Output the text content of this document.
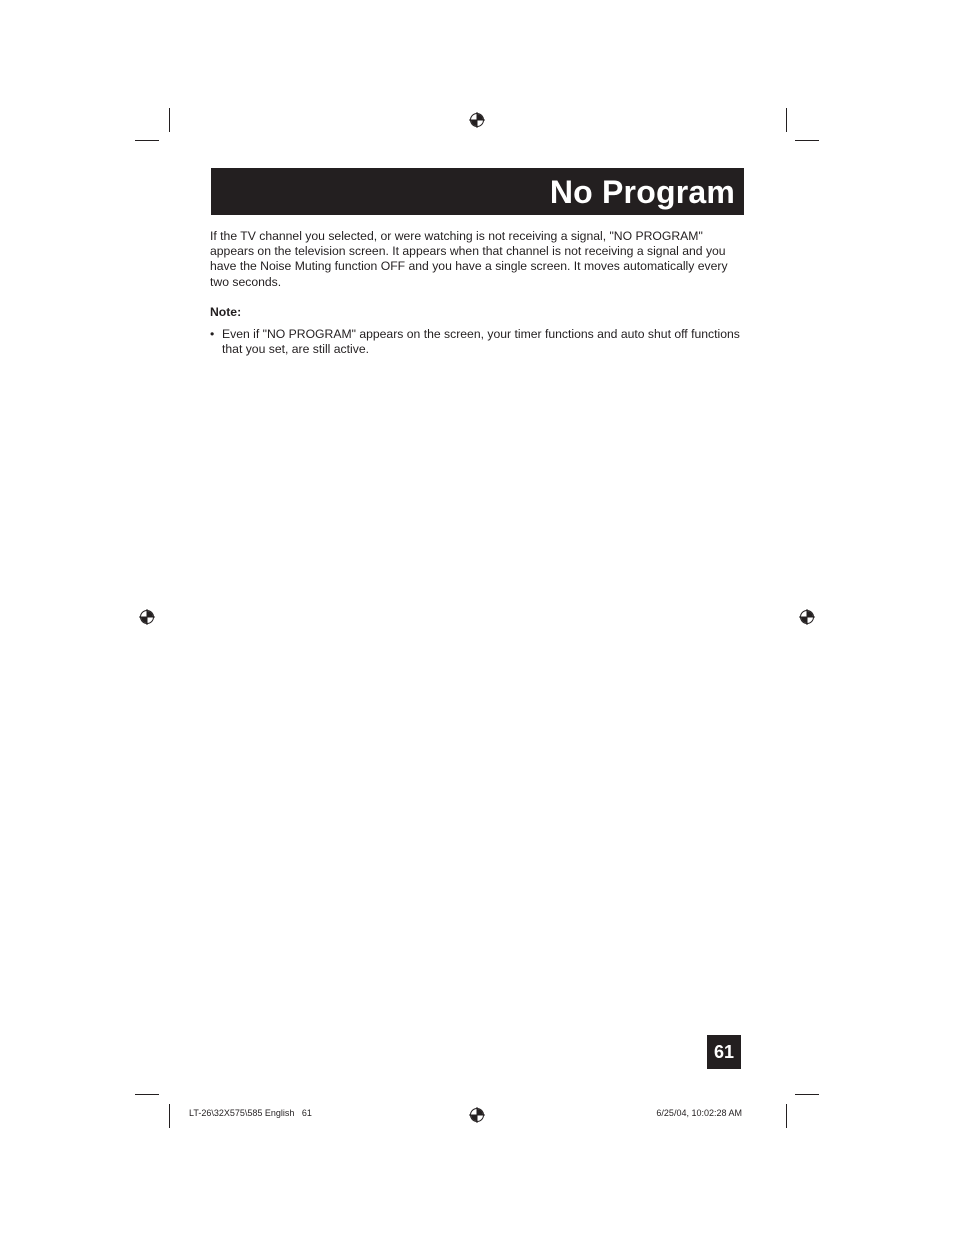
No Program

If the TV channel you selected, or were watching is not receiving a signal, "NO PROGRAM" appears on the television screen. It appears when that channel is not receiving a signal and you have the Noise Muting function OFF and you have a single screen. It moves automatically every two seconds.

Note:

• Even if "NO PROGRAM" appears on the screen, your timer functions and auto shut off functions that you set, are still active.
61
LT-26\32X575\585 English   61	6/25/04, 10:02:28 AM
